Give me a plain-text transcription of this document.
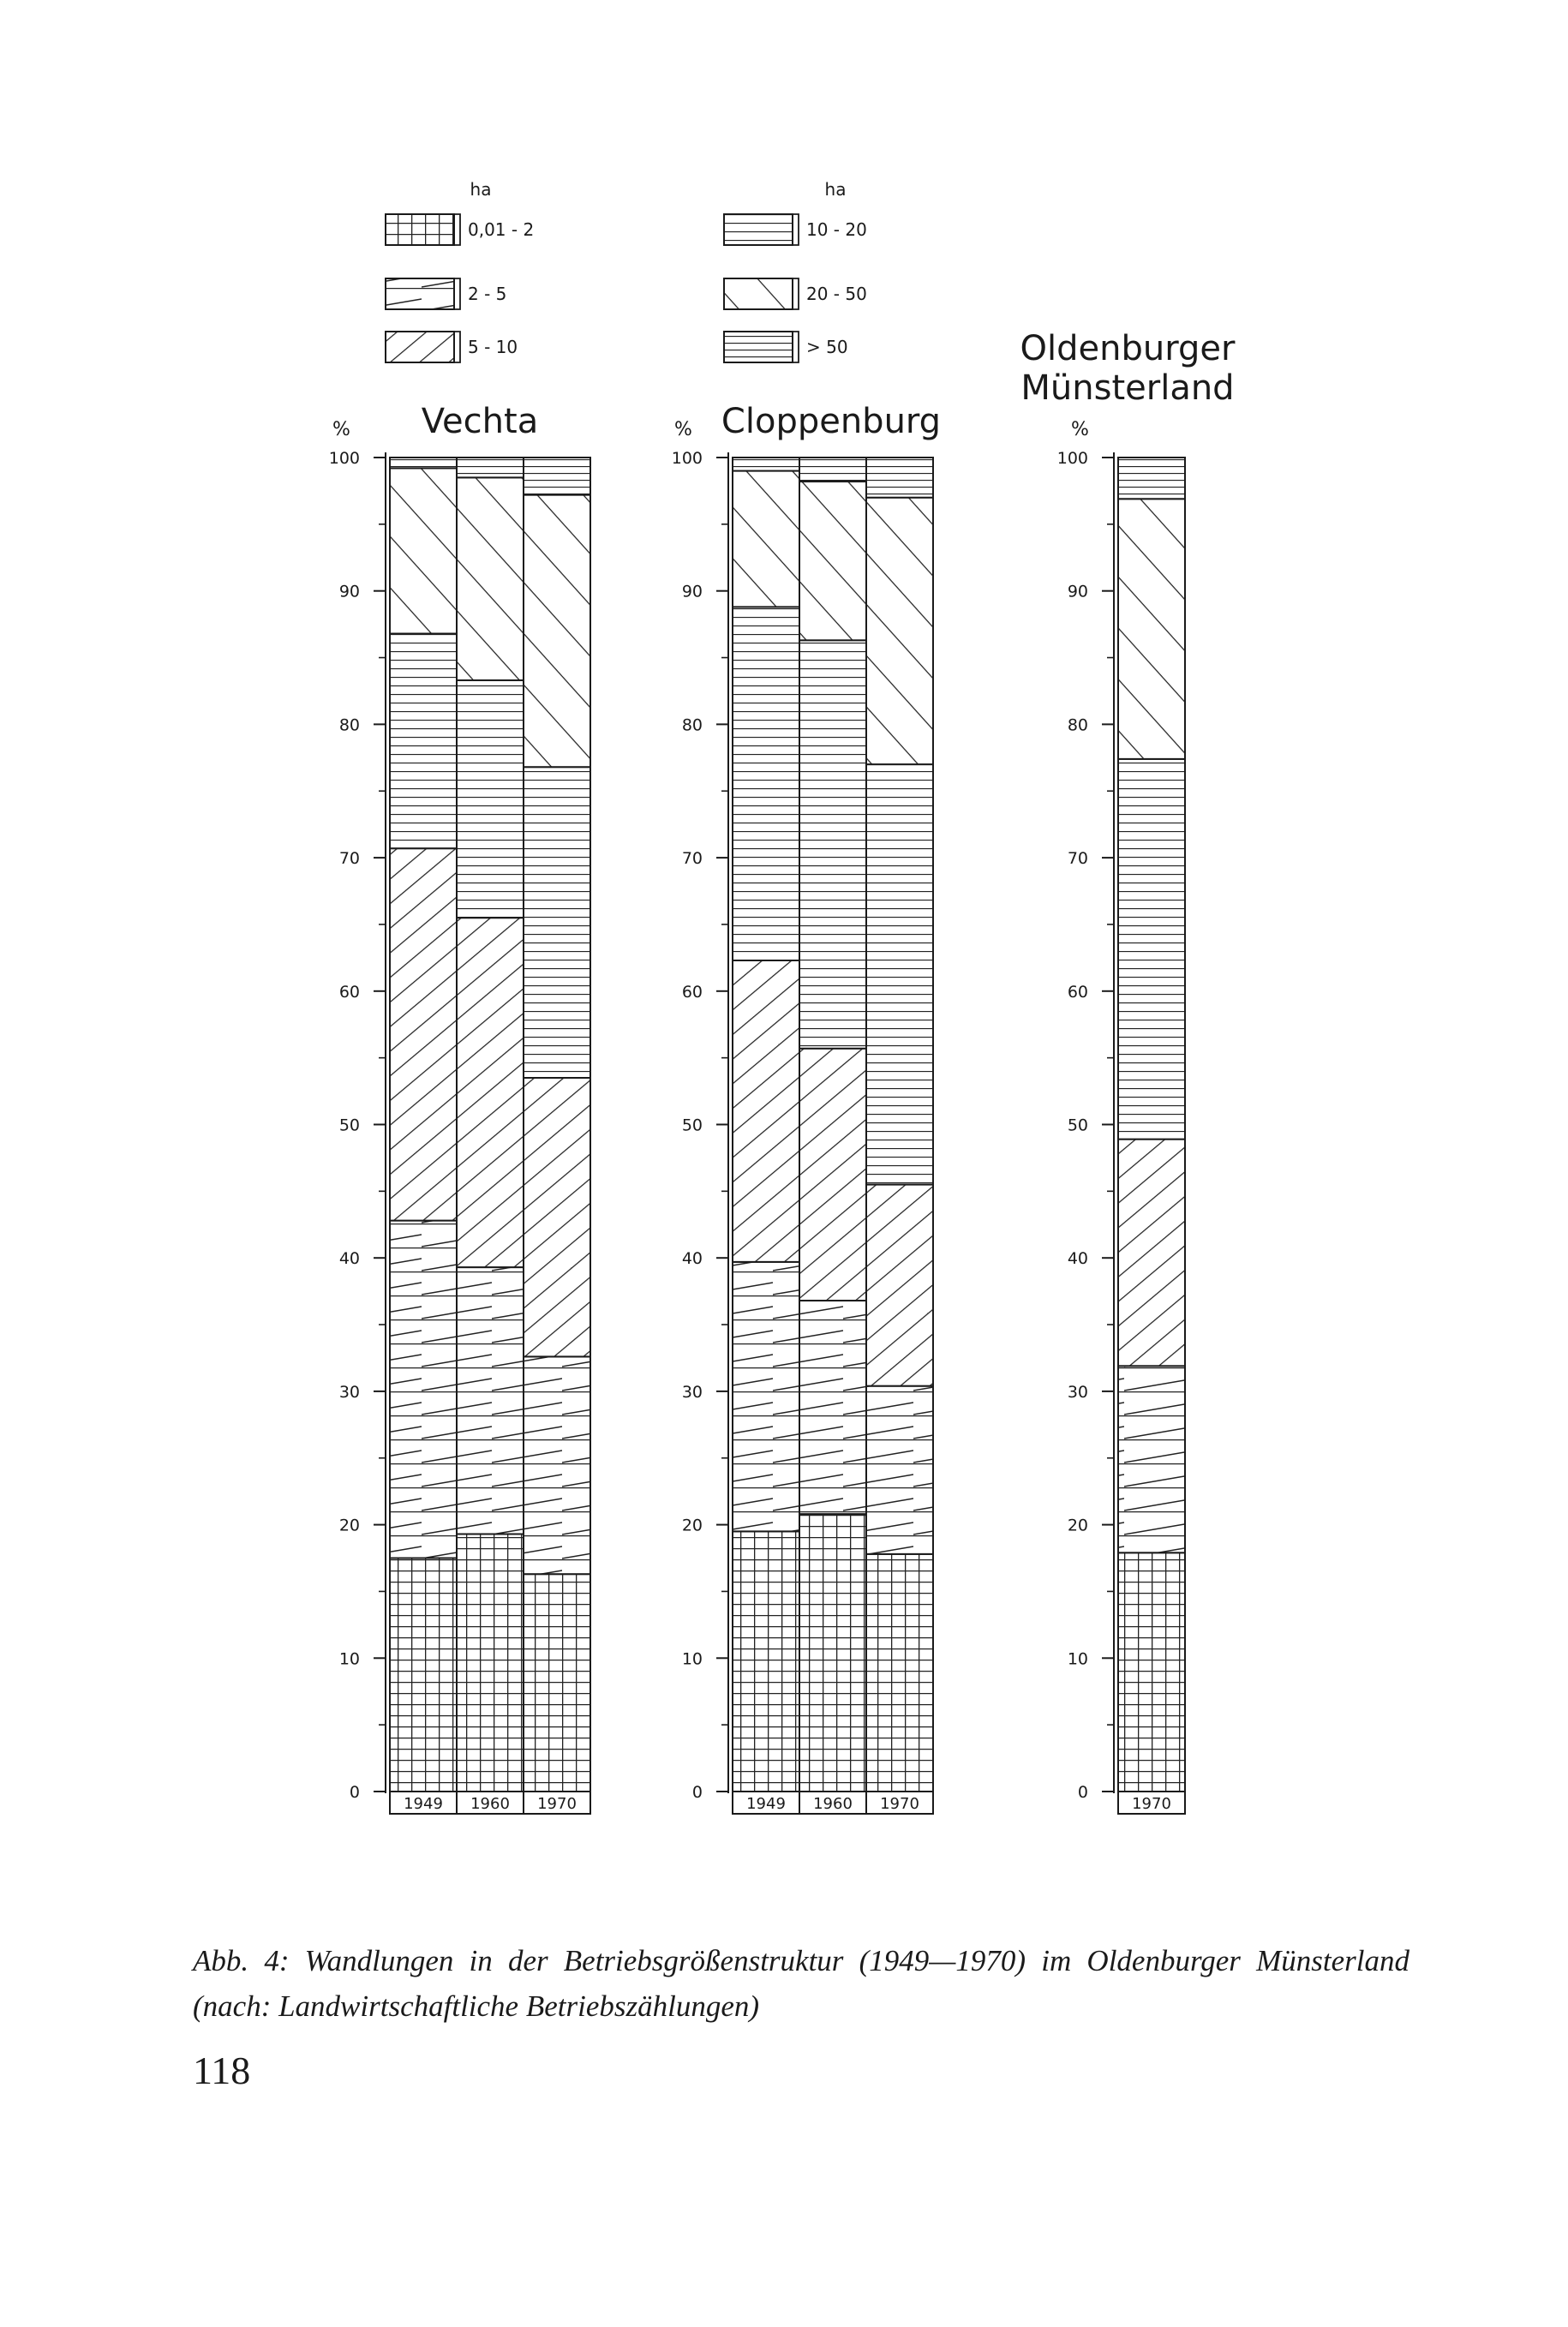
ha	ha
0,01 - 2
2 - 5
5 - 10
10 - 20
20 - 50
> 50
Vechta
%
0
10
20
30
40
50
60
70
80
90
100
1949 1960 1970
Cloppenburg
%
0
10
20
30
40
50
60
70
80
90
100
1949 1960 1970
Oldenburger Münsterland
%
0
10
20
30
40
50
60
70
80
90
100
1970
Abb. 4: Wandlungen in der Betriebsgrößenstruktur (1949—1970) im Oldenburger Münsterland (nach: Landwirtschaftliche Betriebszählungen)
118
